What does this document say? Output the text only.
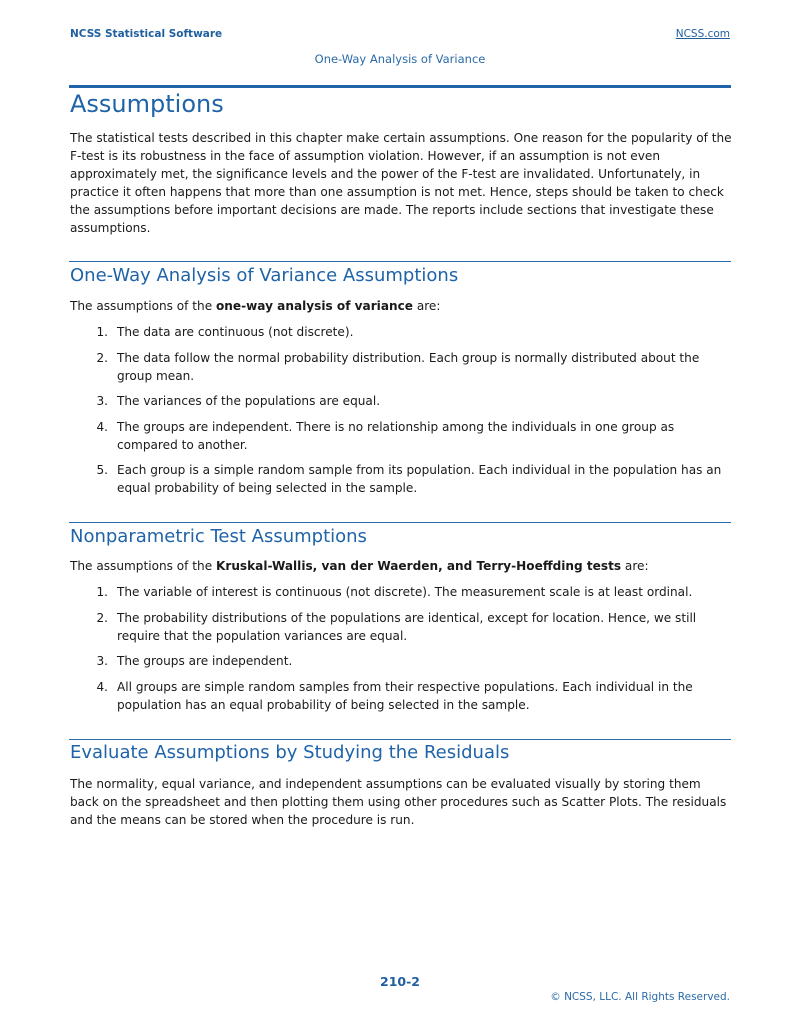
NCSS Statistical Software	NCSS.com
One-Way Analysis of Variance
Assumptions

The statistical tests described in this chapter make certain assumptions. One reason for the popularity of the F-test is its robustness in the face of assumption violation. However, if an assumption is not even approximately met, the significance levels and the power of the F-test are invalidated. Unfortunately, in practice it often happens that more than one assumption is not met. Hence, steps should be taken to check the assumptions before important decisions are made. The reports include sections that investigate these assumptions.

One-Way Analysis of Variance Assumptions

The assumptions of the one-way analysis of variance are:

1. The data are continuous (not discrete).
2. The data follow the normal probability distribution. Each group is normally distributed about the group mean.
3. The variances of the populations are equal.
4. The groups are independent. There is no relationship among the individuals in one group as compared to another.
5. Each group is a simple random sample from its population. Each individual in the population has an equal probability of being selected in the sample.
Nonparametric Test Assumptions

The assumptions of the Kruskal-Wallis, van der Waerden, and Terry-Hoeffding tests are:

1. The variable of interest is continuous (not discrete). The measurement scale is at least ordinal.
2. The probability distributions of the populations are identical, except for location. Hence, we still require that the population variances are equal.
3. The groups are independent.
4. All groups are simple random samples from their respective populations. Each individual in the population has an equal probability of being selected in the sample.
Evaluate Assumptions by Studying the Residuals

The normality, equal variance, and independent assumptions can be evaluated visually by storing them back on the spreadsheet and then plotting them using other procedures such as Scatter Plots. The residuals and the means can be stored when the procedure is run.

210-2
© NCSS, LLC. All Rights Reserved.
